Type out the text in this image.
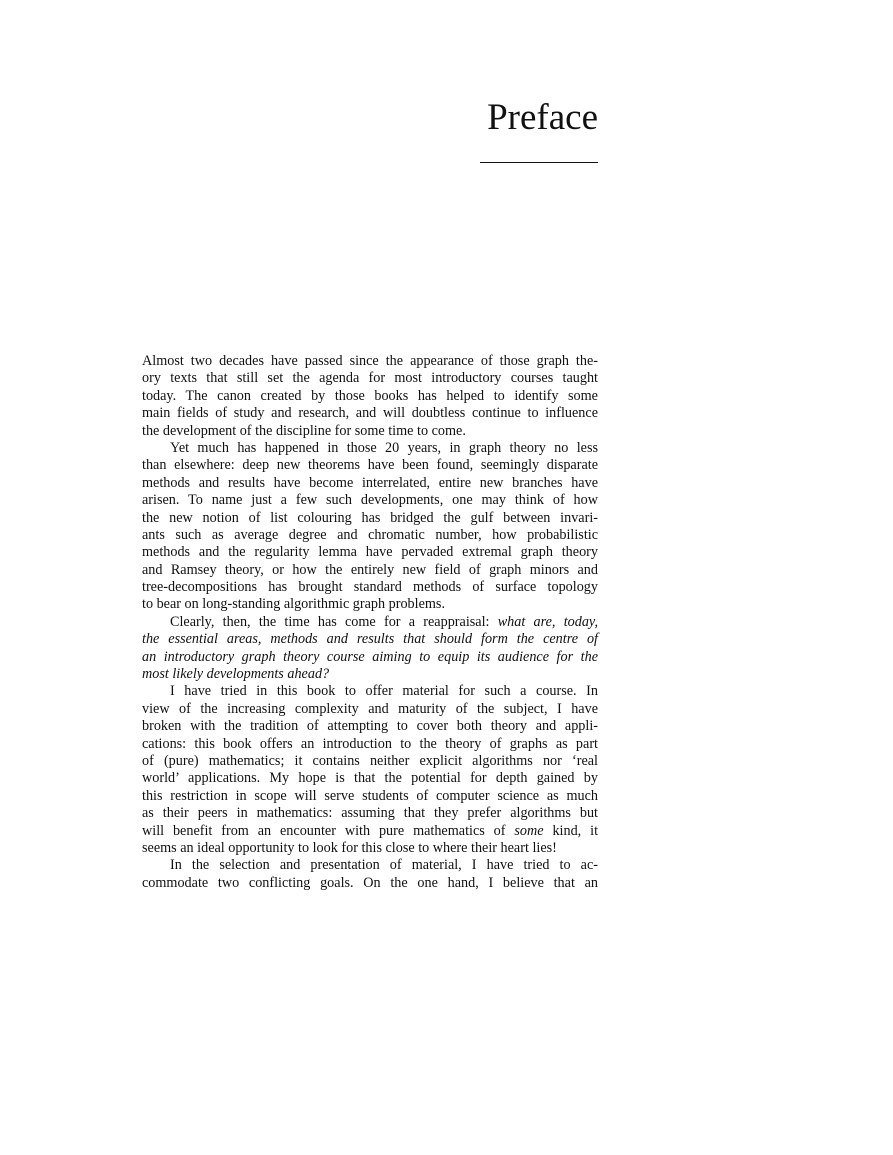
Preface
Almost two decades have passed since the appearance of those graph the-
ory texts that still set the agenda for most introductory courses taught
today. The canon created by those books has helped to identify some
main fields of study and research, and will doubtless continue to influence
the development of the discipline for some time to come.
Yet much has happened in those 20 years, in graph theory no less
than elsewhere: deep new theorems have been found, seemingly disparate
methods and results have become interrelated, entire new branches have
arisen. To name just a few such developments, one may think of how
the new notion of list colouring has bridged the gulf between invari-
ants such as average degree and chromatic number, how probabilistic
methods and the regularity lemma have pervaded extremal graph theory
and Ramsey theory, or how the entirely new field of graph minors and
tree-decompositions has brought standard methods of surface topology
to bear on long-standing algorithmic graph problems.
Clearly, then, the time has come for a reappraisal: what are, today,
the essential areas, methods and results that should form the centre of
an introductory graph theory course aiming to equip its audience for the
most likely developments ahead?
I have tried in this book to offer material for such a course. In
view of the increasing complexity and maturity of the subject, I have
broken with the tradition of attempting to cover both theory and appli-
cations: this book offers an introduction to the theory of graphs as part
of (pure) mathematics; it contains neither explicit algorithms nor ‘real
world’ applications. My hope is that the potential for depth gained by
this restriction in scope will serve students of computer science as much
as their peers in mathematics: assuming that they prefer algorithms but
will benefit from an encounter with pure mathematics of some kind, it
seems an ideal opportunity to look for this close to where their heart lies!
In the selection and presentation of material, I have tried to ac-
commodate two conflicting goals. On the one hand, I believe that an
